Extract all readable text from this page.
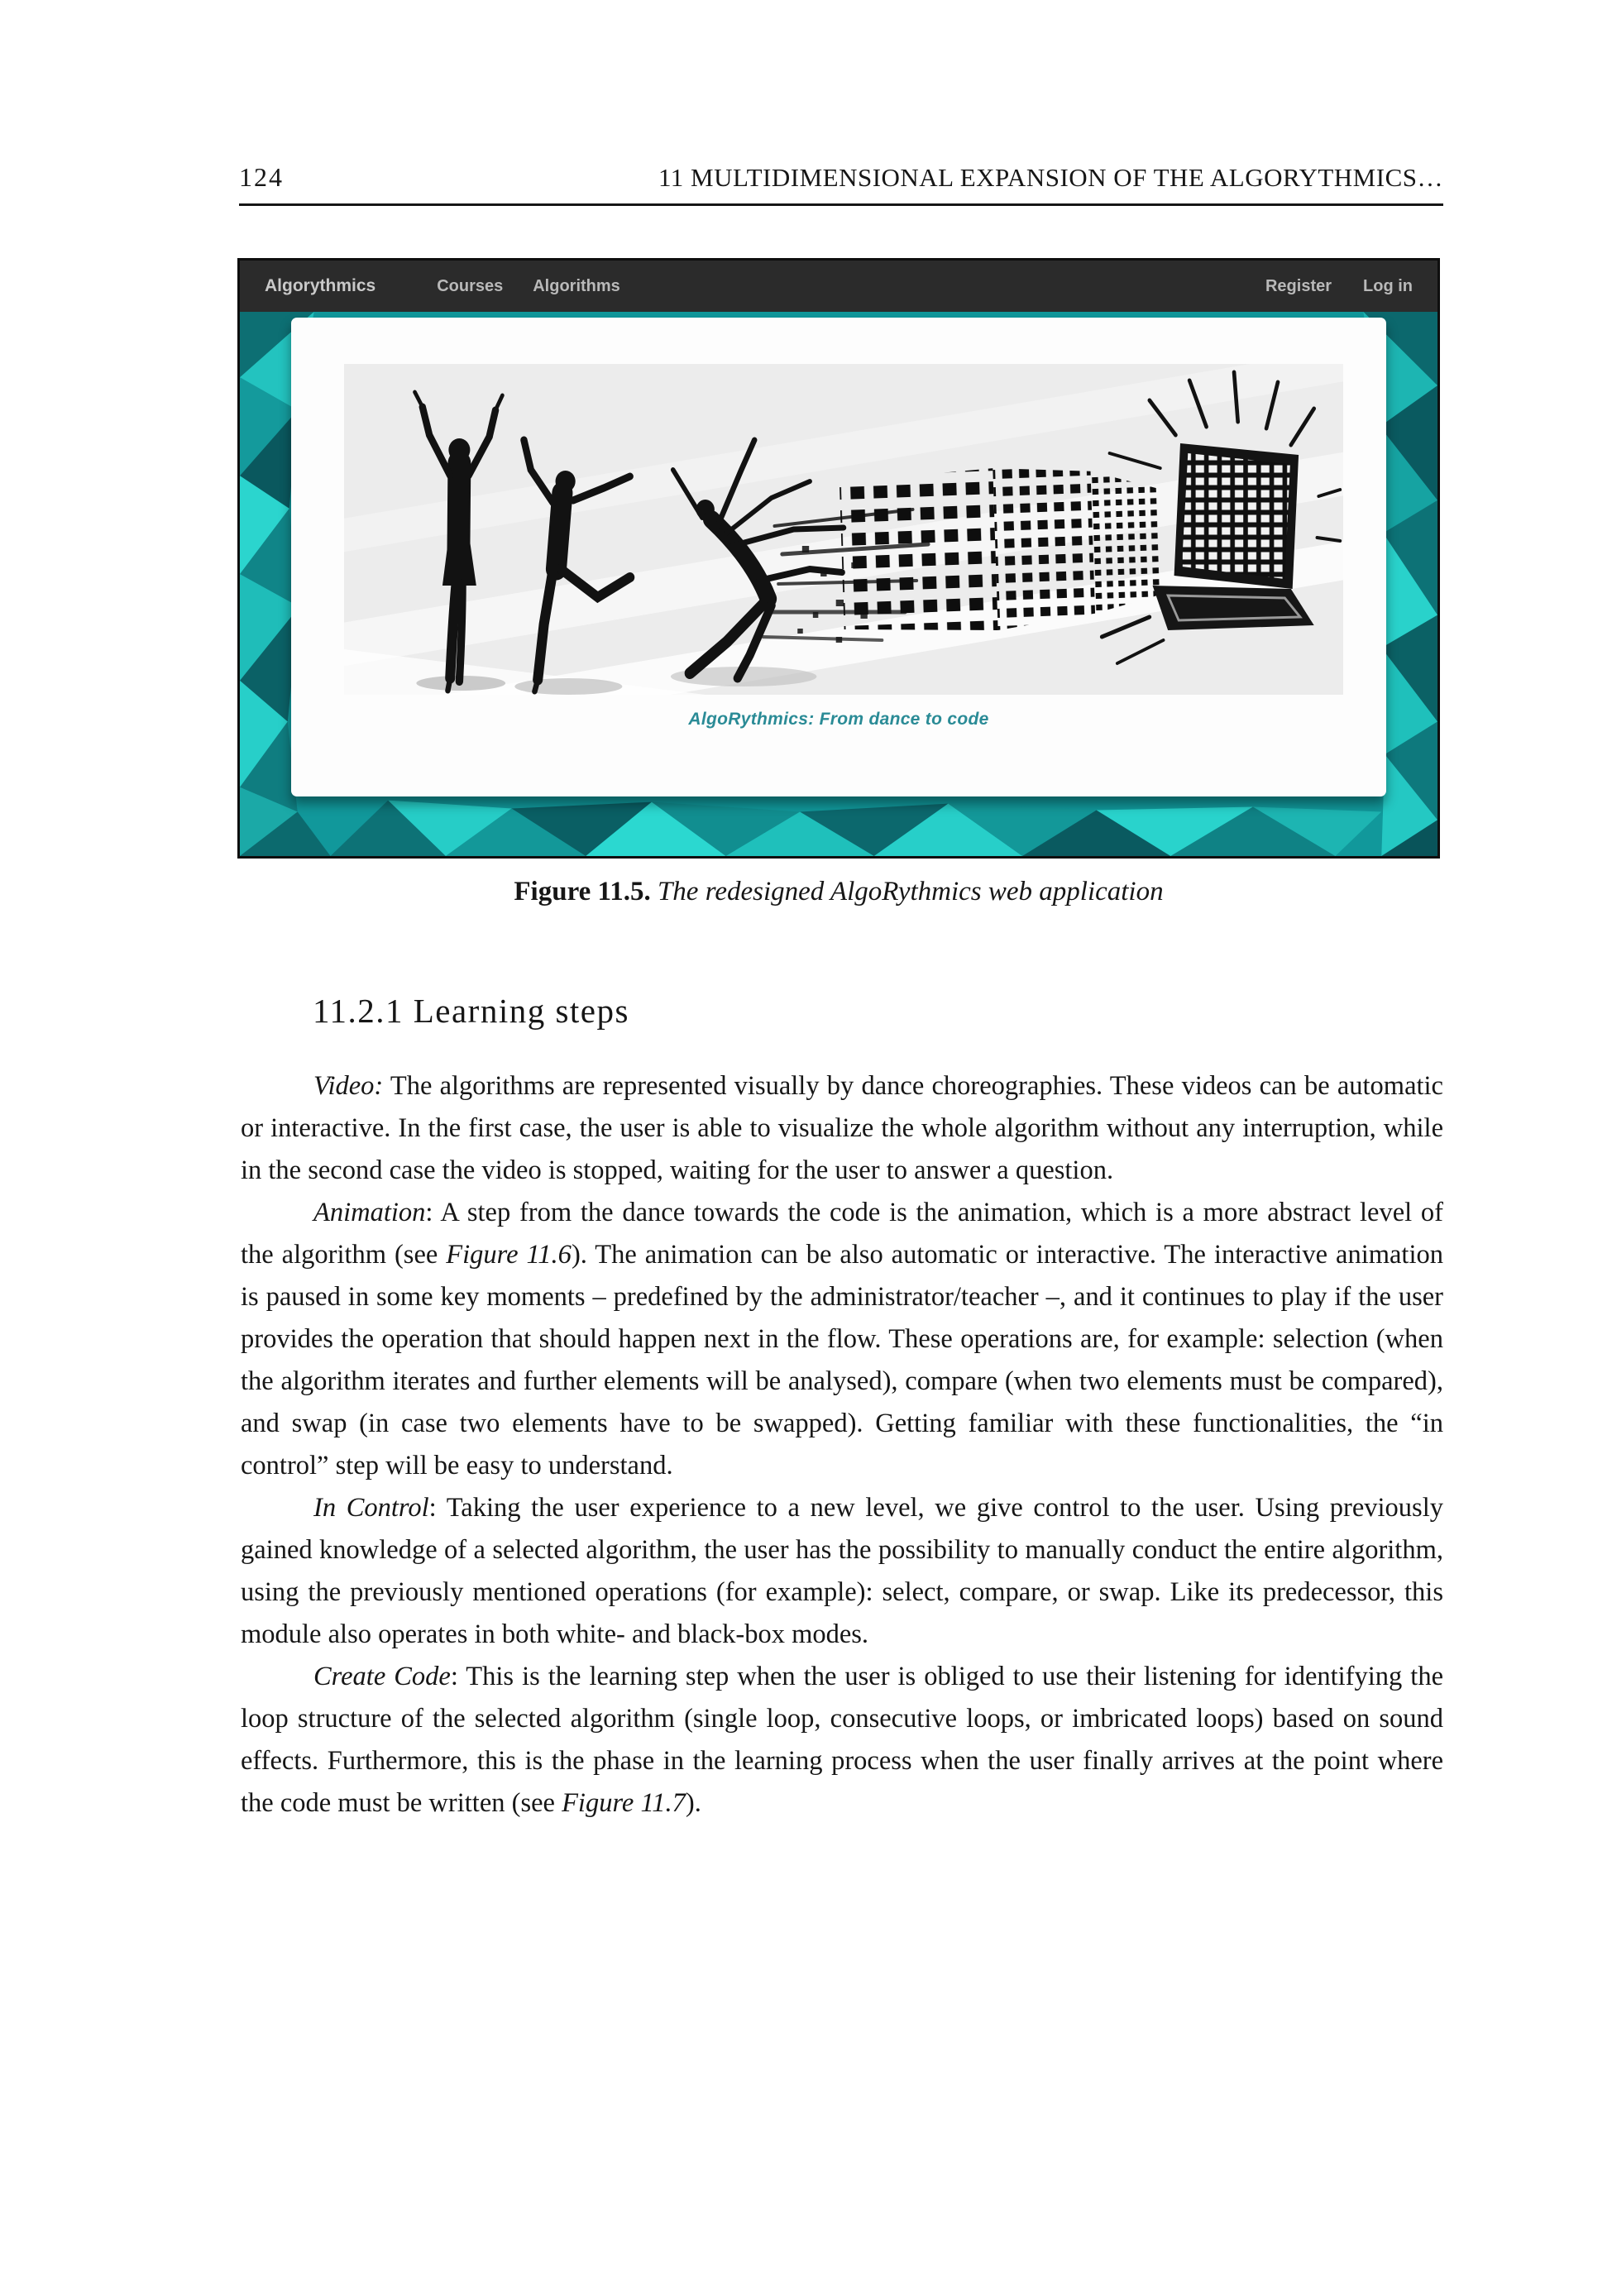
124	11 MULTIDIMENSIONAL EXPANSION OF THE ALGORYTHMICS…
Algorythmics	Courses Algorithms	Register Log in
AlgoRythmics: From dance to code
Figure 11.5. The redesigned AlgoRythmics web application
11.2.1 Learning steps

Video: The algorithms are represented visually by dance choreographies. These videos can be automatic or interactive. In the first case, the user is able to visualize the whole algorithm without any interruption, while in the second case the video is stopped, waiting for the user to answer a question.

Animation: A step from the dance towards the code is the animation, which is a more abstract level of the algorithm (see Figure 11.6). The animation can be also automatic or interactive. The interactive animation is paused in some key moments – predefined by the administrator/teacher –, and it continues to play if the user provides the operation that should happen next in the flow. These operations are, for example: selection (when the algorithm iterates and further elements will be analysed), compare (when two elements must be compared), and swap (in case two elements have to be swapped). Getting familiar with these functionalities, the “in control” step will be easy to understand.

In Control: Taking the user experience to a new level, we give control to the user. Using previously gained knowledge of a selected algorithm, the user has the possibility to manually conduct the entire algorithm, using the previously mentioned operations (for example): select, compare, or swap. Like its predecessor, this module also operates in both white- and black-box modes.

Create Code: This is the learning step when the user is obliged to use their listening for identifying the loop structure of the selected algorithm (single loop, consecutive loops, or imbricated loops) based on sound effects. Furthermore, this is the phase in the learning process when the user finally arrives at the point where the code must be written (see Figure 11.7).
